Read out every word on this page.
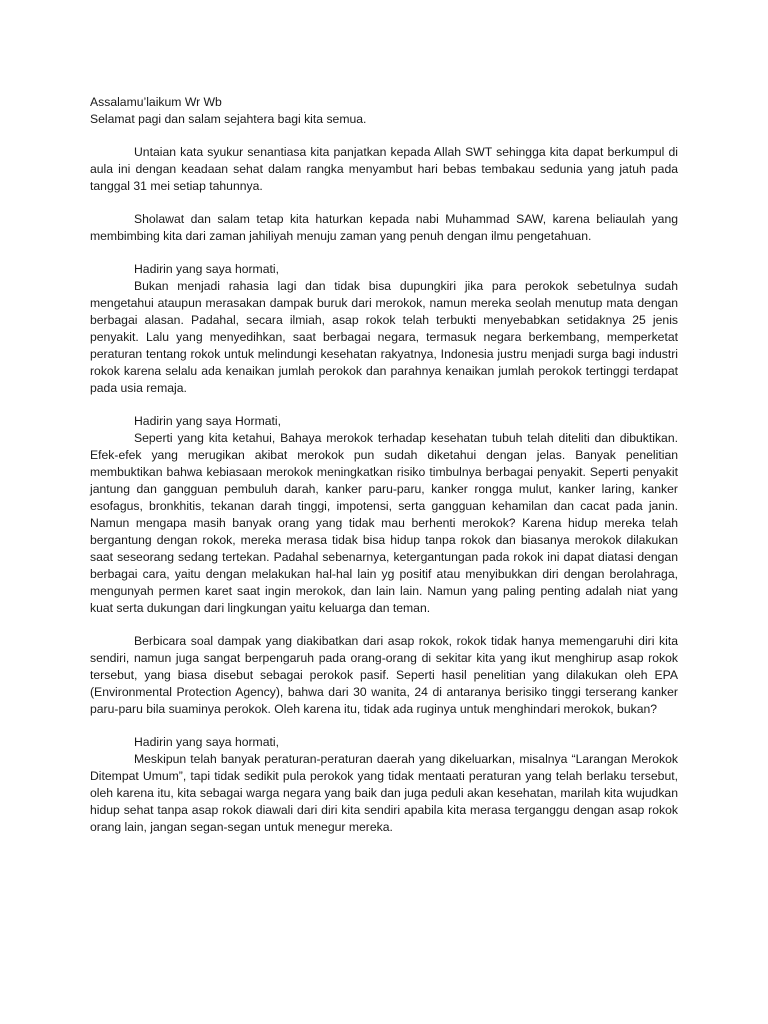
Assalamu’laikum Wr Wb

Selamat pagi dan salam sejahtera bagi kita semua.

Untaian kata syukur senantiasa kita panjatkan kepada Allah SWT sehingga kita dapat berkumpul di aula ini dengan keadaan sehat dalam rangka menyambut hari bebas tembakau sedunia yang jatuh pada tanggal 31 mei setiap tahunnya.

Sholawat dan salam tetap kita haturkan kepada nabi Muhammad SAW, karena beliaulah yang membimbing kita dari zaman jahiliyah menuju zaman yang penuh dengan ilmu pengetahuan.

Hadirin yang saya hormati,

Bukan menjadi rahasia lagi dan tidak bisa dupungkiri jika para perokok sebetulnya sudah mengetahui ataupun merasakan dampak buruk dari merokok, namun mereka seolah menutup mata dengan berbagai alasan. Padahal, secara ilmiah, asap rokok telah terbukti menyebabkan setidaknya 25 jenis penyakit. Lalu yang menyedihkan, saat berbagai negara, termasuk negara berkembang, memperketat peraturan tentang rokok untuk melindungi kesehatan rakyatnya, Indonesia justru menjadi surga bagi industri rokok karena selalu ada kenaikan jumlah perokok dan parahnya kenaikan jumlah perokok tertinggi terdapat pada usia remaja.

Hadirin yang saya Hormati,

Seperti yang kita ketahui, Bahaya merokok terhadap kesehatan tubuh telah diteliti dan dibuktikan. Efek-efek yang merugikan akibat merokok pun sudah diketahui dengan jelas. Banyak penelitian membuktikan bahwa kebiasaan merokok meningkatkan risiko timbulnya berbagai penyakit. Seperti penyakit jantung dan gangguan pembuluh darah, kanker paru-paru, kanker rongga mulut, kanker laring, kanker esofagus, bronkhitis, tekanan darah tinggi, impotensi, serta gangguan kehamilan dan cacat pada janin. Namun mengapa masih banyak orang yang tidak mau berhenti merokok? Karena hidup mereka telah bergantung dengan rokok, mereka merasa tidak bisa hidup tanpa rokok dan biasanya merokok dilakukan saat seseorang sedang tertekan. Padahal sebenarnya, ketergantungan pada rokok ini dapat diatasi dengan berbagai cara, yaitu dengan melakukan hal-hal lain yg positif atau menyibukkan diri dengan berolahraga, mengunyah permen karet saat ingin merokok, dan lain lain. Namun yang paling penting adalah niat yang kuat serta dukungan dari lingkungan yaitu keluarga dan teman.

Berbicara soal dampak yang diakibatkan dari asap rokok, rokok tidak hanya memengaruhi diri kita sendiri, namun juga sangat berpengaruh pada orang-orang di sekitar kita yang ikut menghirup asap rokok tersebut, yang biasa disebut sebagai perokok pasif. Seperti hasil penelitian yang dilakukan oleh EPA (Environmental Protection Agency), bahwa dari 30 wanita, 24 di antaranya berisiko tinggi terserang kanker paru-paru bila suaminya perokok. Oleh karena itu, tidak ada ruginya untuk menghindari merokok, bukan?

Hadirin yang saya hormati,

Meskipun telah banyak peraturan-peraturan daerah yang dikeluarkan, misalnya “Larangan Merokok Ditempat Umum”, tapi tidak sedikit pula perokok yang tidak mentaati peraturan yang telah berlaku tersebut, oleh karena itu, kita sebagai warga negara yang baik dan juga peduli akan kesehatan, marilah kita wujudkan hidup sehat tanpa asap rokok diawali dari diri kita sendiri apabila kita merasa terganggu dengan asap rokok orang lain, jangan segan-segan untuk menegur mereka.
